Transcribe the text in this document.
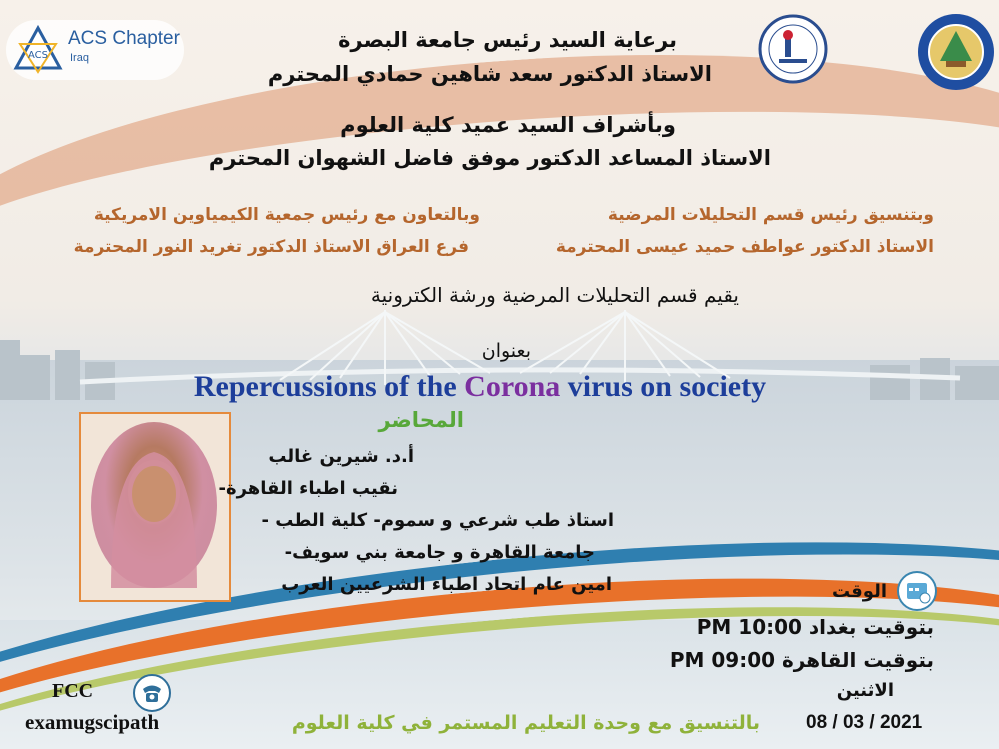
ACS
ACS Chapter
Iraq
برعاية السيد رئيس جامعة البصرة
الاستاذ الدكتور سعد شاهين حمادي المحترم
وبأشراف السيد عميد كلية العلوم
الاستاذ المساعد الدكتور موفق فاضل الشهوان المحترم
وبتنسيق رئيس قسم التحليلات المرضية
الاستاذ الدكتور عواطف حميد عيسى المحترمة
وبالتعاون مع رئيس جمعية الكيمياوين الامريكية
فرع العراق الاستاذ الدكتور تغريد النور المحترمة
يقيم قسم التحليلات المرضية ورشة الكترونية
بعنوان
Repercussions of the Corona virus on society
المحاضر
أ.د. شيرين غالب
نقيب اطباء القاهرة-
استاذ طب شرعي و سموم- كلية الطب -
جامعة القاهرة و جامعة بني سويف-
امين عام اتحاد اطباء الشرعيين العرب	الوقت
بتوقيت بغداد 10:00 PM
بتوقيت القاهرة 09:00 PM
الاثنين
08 / 03 / 2021
FCC
examugscipath	بالتنسيق مع وحدة التعليم المستمر في كلية العلوم
